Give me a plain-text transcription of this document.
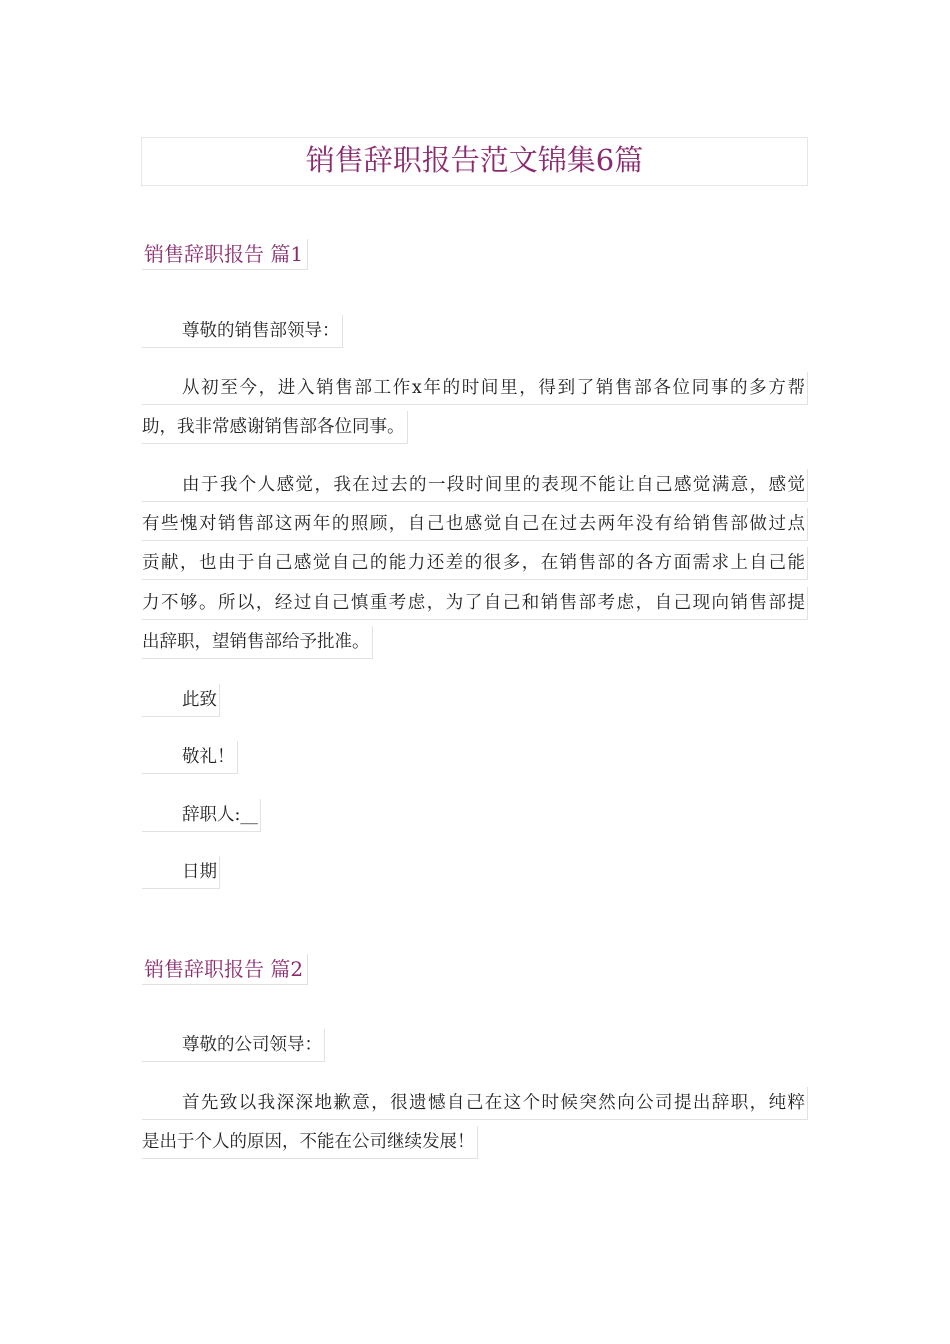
销售辞职报告范文锦集6篇
销售辞职报告 篇1
尊敬的销售部领导：
从初至今，进入销售部工作x年的时间里，得到了销售部各位同事的多方帮
助，我非常感谢销售部各位同事。
由于我个人感觉，我在过去的一段时间里的表现不能让自己感觉满意，感觉
有些愧对销售部这两年的照顾，自己也感觉自己在过去两年没有给销售部做过点
贡献，也由于自己感觉自己的能力还差的很多，在销售部的各方面需求上自己能
力不够。所以，经过自己慎重考虑，为了自己和销售部考虑，自己现向销售部提
出辞职，望销售部给予批准。
此致
敬礼！
辞职人:__
日期
销售辞职报告 篇2
尊敬的公司领导：
首先致以我深深地歉意，很遗憾自己在这个时候突然向公司提出辞职，纯粹
是出于个人的原因，不能在公司继续发展！
